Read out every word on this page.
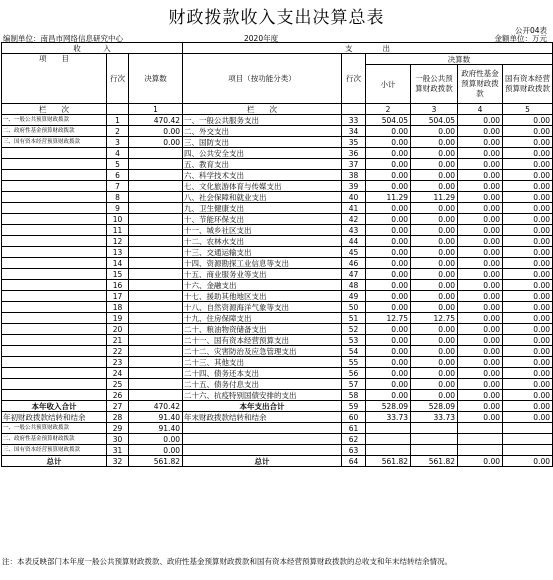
财政拨款收入支出决算总表
公开04表
编制单位：南昌市网络信息研究中心	2020年度	金额单位：万元
收　　　入			支　　　　出					
项　　目	行次	决算数	项目（按功能分类）	行次	决算数			
					小计	一般公共预算财政拨款	政府性基金预算财政拨款	国有资本经营预算财政拨款

栏　　次		1	栏　　次		2	3	4	5
一、一般公共预算财政拨款	1	470.42	一、一般公共服务支出	33	504.05	504.05	0.00	0.00
二、政府性基金预算财政拨款	2	0.00	二、外交支出	34	0.00	0.00	0.00	0.00
三、国有资本经营预算财政拨款	3	0.00	三、国防支出	35	0.00	0.00	0.00	0.00
	4		四、公共安全支出	36	0.00	0.00	0.00	0.00
	5		五、教育支出	37	0.00	0.00	0.00	0.00
	6		六、科学技术支出	38	0.00	0.00	0.00	0.00
	7		七、文化旅游体育与传媒支出	39	0.00	0.00	0.00	0.00
	8		八、社会保障和就业支出	40	11.29	11.29	0.00	0.00
	9		九、卫生健康支出	41	0.00	0.00	0.00	0.00
	10		十、节能环保支出	42	0.00	0.00	0.00	0.00
	11		十一、城乡社区支出	43	0.00	0.00	0.00	0.00
	12		十二、农林水支出	44	0.00	0.00	0.00	0.00
	13		十三、交通运输支出	45	0.00	0.00	0.00	0.00
	14		十四、资源勘探工业信息等支出	46	0.00	0.00	0.00	0.00
	15		十五、商业服务业等支出	47	0.00	0.00	0.00	0.00
	16		十六、金融支出	48	0.00	0.00	0.00	0.00
	17		十七、援助其他地区支出	49	0.00	0.00	0.00	0.00
	18		十八、自然资源海洋气象等支出	50	0.00	0.00	0.00	0.00
	19		十九、住房保障支出	51	12.75	12.75	0.00	0.00
	20		二十、粮油物资储备支出	52	0.00	0.00	0.00	0.00
	21		二十一、国有资本经营预算支出	53	0.00	0.00	0.00	0.00
	22		二十二、灾害防治及应急管理支出	54	0.00	0.00	0.00	0.00
	23		二十三、其他支出	55	0.00	0.00	0.00	0.00
	24		二十四、债务还本支出	56	0.00	0.00	0.00	0.00
	25		二十五、债务付息支出	57	0.00	0.00	0.00	0.00
	26		二十六、抗疫特别国债安排的支出	58	0.00	0.00	0.00	0.00
本年收入合计	27	470.42	本年支出合计	59	528.09	528.09	0.00	0.00
年初财政拨款结转和结余	28	91.40	年末财政拨款结转和结余	60	33.73	33.73	0.00	0.00
一、一般公共预算财政拨款	29	91.40		61				
二、政府性基金预算财政拨款	30	0.00		62				
三、国有资本经营预算财政拨款	31	0.00		63				
总计	32	561.82	总计	64	561.82	561.82	0.00	0.00
注：本表反映部门本年度一般公共预算财政拨款、政府性基金预算财政拨款和国有资本经营预算财政拨款的总收支和年末结转结余情况。
